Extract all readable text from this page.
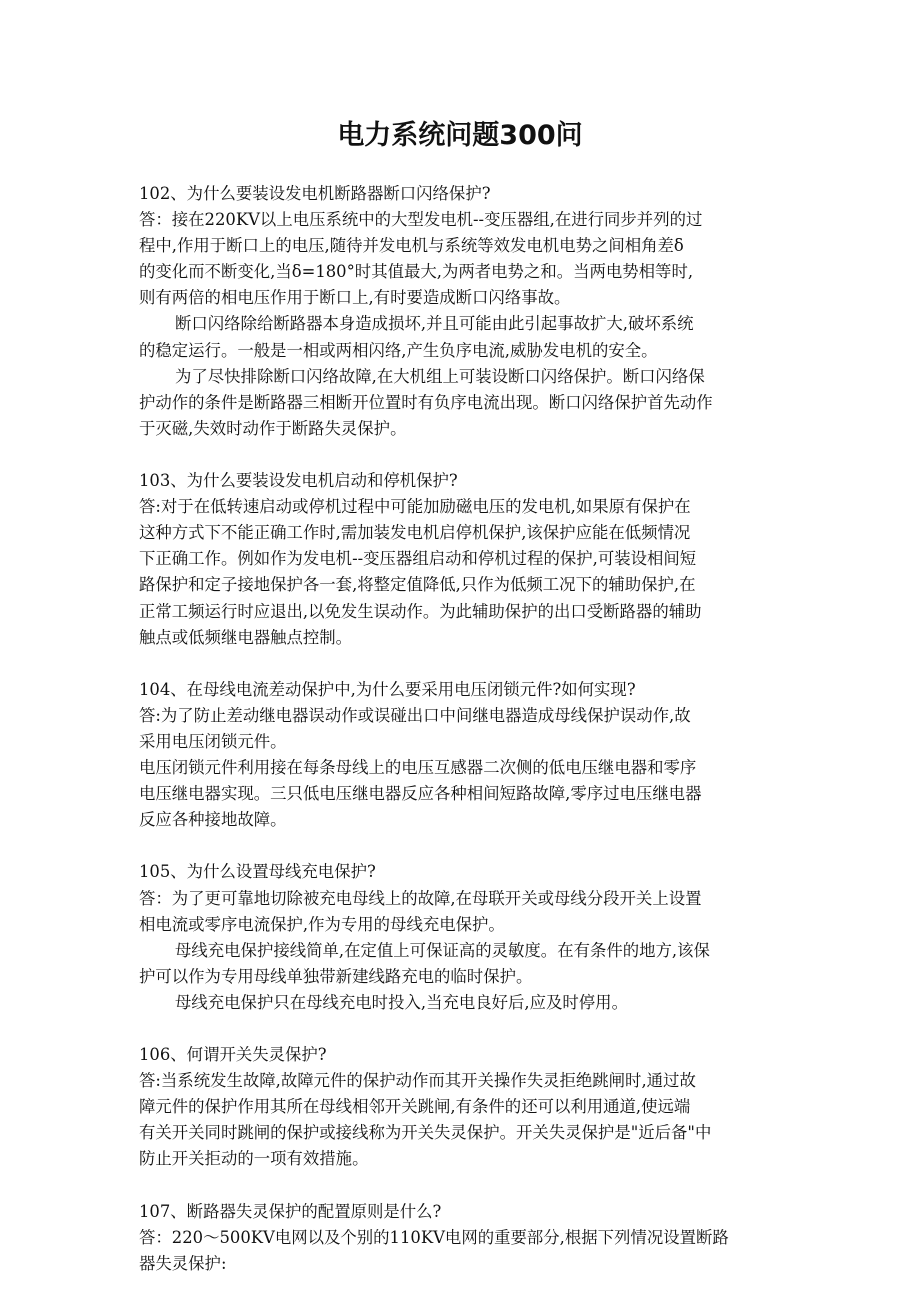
电力系统问题300问
102、为什么要装设发电机断路器断口闪络保护?
答：接在220KV以上电压系统中的大型发电机--变压器组,在进行同步并列的过
程中,作用于断口上的电压,随待并发电机与系统等效发电机电势之间相角差δ
的变化而不断变化,当δ=180°时其值最大,为两者电势之和。当两电势相等时,
则有两倍的相电压作用于断口上,有时要造成断口闪络事故。
断口闪络除给断路器本身造成损坏,并且可能由此引起事故扩大,破坏系统
的稳定运行。一般是一相或两相闪络,产生负序电流,威胁发电机的安全。
为了尽快排除断口闪络故障,在大机组上可装设断口闪络保护。断口闪络保
护动作的条件是断路器三相断开位置时有负序电流出现。断口闪络保护首先动作
于灭磁,失效时动作于断路失灵保护。
103、为什么要装设发电机启动和停机保护?
答:对于在低转速启动或停机过程中可能加励磁电压的发电机,如果原有保护在
这种方式下不能正确工作时,需加装发电机启停机保护,该保护应能在低频情况
下正确工作。例如作为发电机--变压器组启动和停机过程的保护,可装设相间短
路保护和定子接地保护各一套,将整定值降低,只作为低频工况下的辅助保护,在
正常工频运行时应退出,以免发生误动作。为此辅助保护的出口受断路器的辅助
触点或低频继电器触点控制。
104、在母线电流差动保护中,为什么要采用电压闭锁元件?如何实现?
答:为了防止差动继电器误动作或误碰出口中间继电器造成母线保护误动作,故
采用电压闭锁元件。
电压闭锁元件利用接在每条母线上的电压互感器二次侧的低电压继电器和零序
电压继电器实现。三只低电压继电器反应各种相间短路故障,零序过电压继电器
反应各种接地故障。
105、为什么设置母线充电保护?
答：为了更可靠地切除被充电母线上的故障,在母联开关或母线分段开关上设置
相电流或零序电流保护,作为专用的母线充电保护。
母线充电保护接线简单,在定值上可保证高的灵敏度。在有条件的地方,该保
护可以作为专用母线单独带新建线路充电的临时保护。
母线充电保护只在母线充电时投入,当充电良好后,应及时停用。
106、何谓开关失灵保护?
答:当系统发生故障,故障元件的保护动作而其开关操作失灵拒绝跳闸时,通过故
障元件的保护作用其所在母线相邻开关跳闸,有条件的还可以利用通道,使远端
有关开关同时跳闸的保护或接线称为开关失灵保护。开关失灵保护是"近后备"中
防止开关拒动的一项有效措施。
107、断路器失灵保护的配置原则是什么?
答：220～500KV电网以及个别的110KV电网的重要部分,根据下列情况设置断路
器失灵保护:
